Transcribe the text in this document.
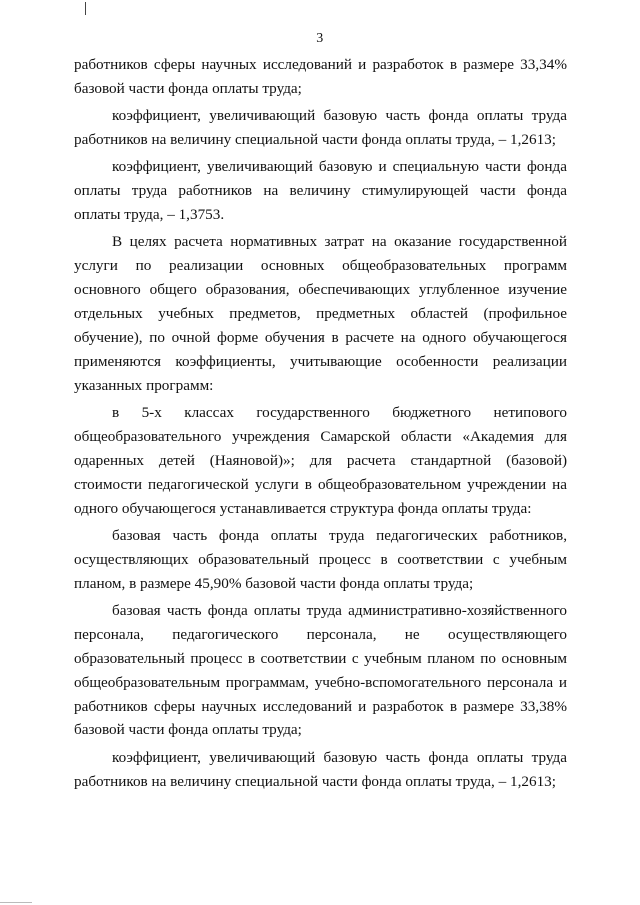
3
работников сферы научных исследований и разработок в размере 33,34%
базовой части фонда оплаты труда;
коэффициент, увеличивающий базовую часть фонда оплаты труда
работников на величину специальной части фонда оплаты труда, – 1,2613;
коэффициент, увеличивающий базовую и специальную части фонда
оплаты труда работников на величину стимулирующей части фонда
оплаты труда, – 1,3753.
В целях расчета нормативных затрат на оказание государственной
услуги по реализации основных общеобразовательных программ
основного общего образования, обеспечивающих углубленное изучение
отдельных учебных предметов, предметных областей (профильное
обучение), по очной форме обучения в расчете на одного обучающегося
применяются коэффициенты, учитывающие особенности реализации
указанных программ:
в 5-х классах государственного бюджетного нетипового
общеобразовательного учреждения Самарской области «Академия для
одаренных детей (Наяновой)»; для расчета стандартной (базовой)
стоимости педагогической услуги в общеобразовательном учреждении на
одного обучающегося устанавливается структура фонда оплаты труда:
базовая часть фонда оплаты труда педагогических работников,
осуществляющих образовательный процесс в соответствии с учебным
планом, в размере 45,90% базовой части фонда оплаты труда;
базовая часть фонда оплаты труда административно-хозяйственного
персонала, педагогического персонала, не осуществляющего
образовательный процесс в соответствии с учебным планом по основным
общеобразовательным программам, учебно-вспомогательного персонала и
работников сферы научных исследований и разработок в размере 33,38%
базовой части фонда оплаты труда;
коэффициент, увеличивающий базовую часть фонда оплаты труда
работников на величину специальной части фонда оплаты труда, – 1,2613;
